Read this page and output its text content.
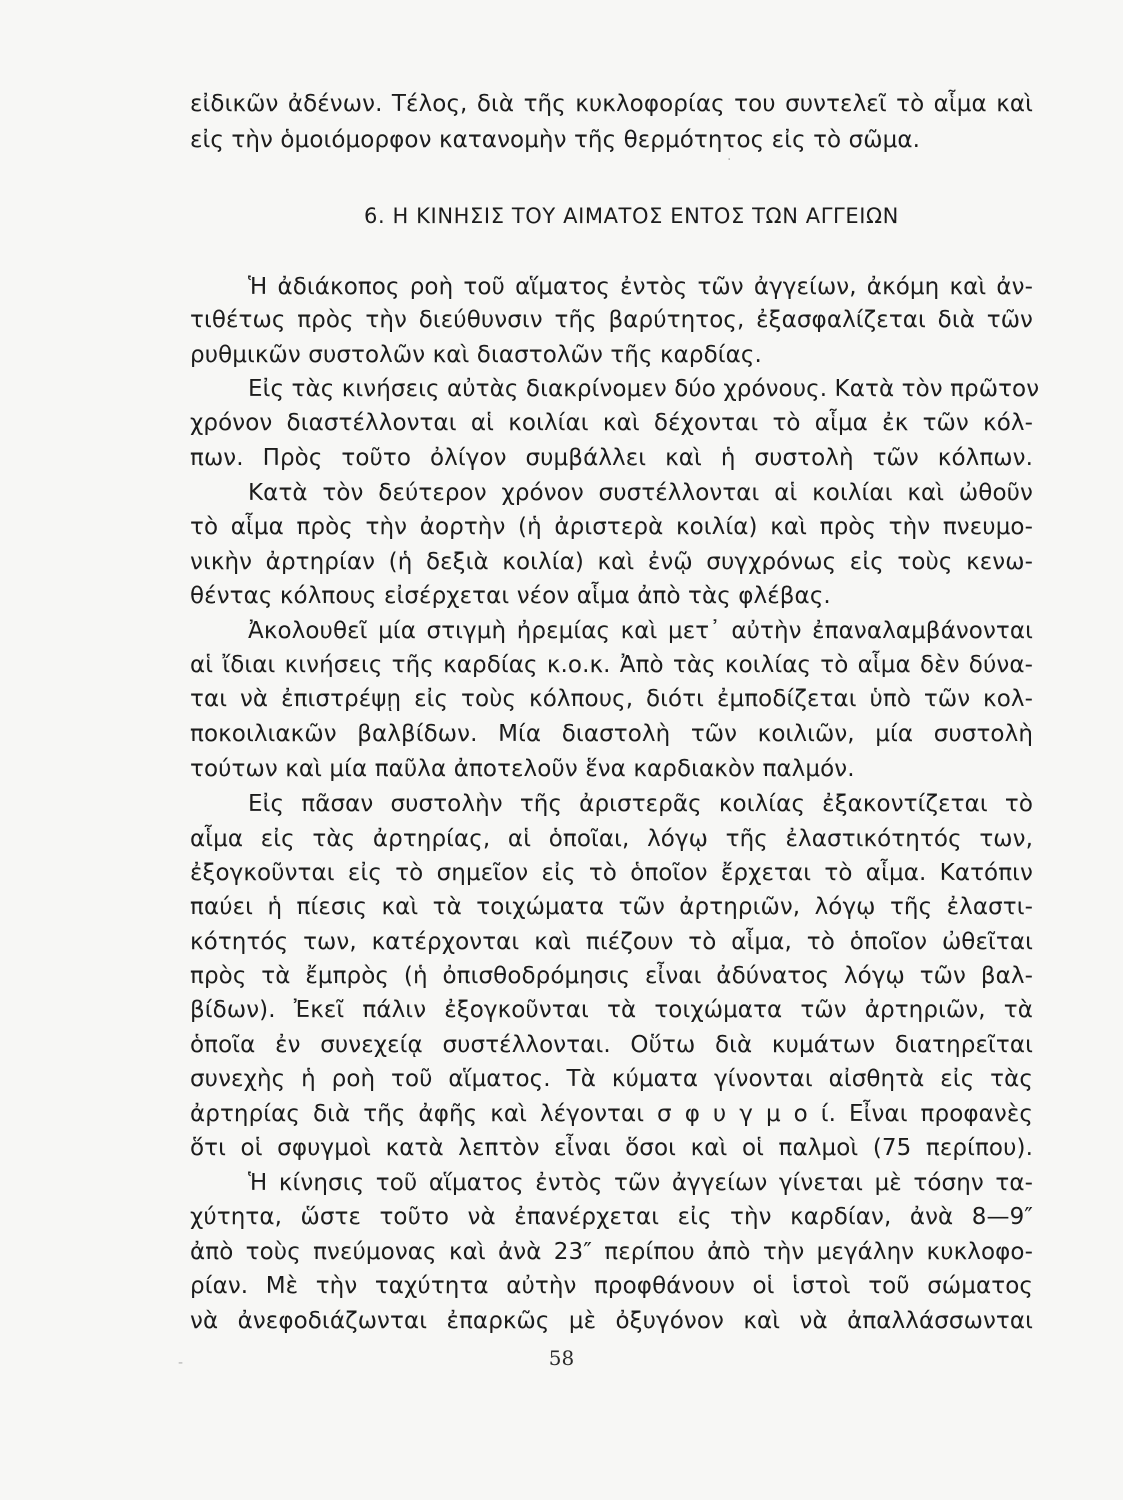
εἰδικῶν ἀδένων. Τέλος, διὰ τῆς κυκλοφορίας του συντελεῖ τὸ αἷμα καὶ
εἰς τὴν ὁμοιόμορφον κατανομὴν τῆς θερμότητος εἰς τὸ σῶμα.
·
6. Η ΚΙΝΗΣΙΣ ΤΟΥ ΑΙΜΑΤΟΣ ΕΝΤΟΣ ΤΩΝ ΑΓΓΕΙΩΝ
Ἡ ἀδιάκοπος ροὴ τοῦ αἵματος ἐντὸς τῶν ἀγγείων, ἀκόμη καὶ ἀν-
τιθέτως πρὸς τὴν διεύθυνσιν τῆς βαρύτητος, ἐξασφαλίζεται διὰ τῶν
ρυθμικῶν συστολῶν καὶ διαστολῶν τῆς καρδίας.
Εἰς τὰς κινήσεις αὐτὰς διακρίνομεν δύο χρόνους. Κατὰ τὸν πρῶτον
χρόνον διαστέλλονται αἱ κοιλίαι καὶ δέχονται τὸ αἷμα ἐκ τῶν κόλ-
πων. Πρὸς τοῦτο ὀλίγον συμβάλλει καὶ ἡ συστολὴ τῶν κόλπων.
Κατὰ τὸν δεύτερον χρόνον συστέλλονται αἱ κοιλίαι καὶ ὠθοῦν
τὸ αἷμα πρὸς τὴν ἀορτὴν (ἡ ἀριστερὰ κοιλία) καὶ πρὸς τὴν πνευμο-
νικὴν ἀρτηρίαν (ἡ δεξιὰ κοιλία) καὶ ἐνῷ συγχρόνως εἰς τοὺς κενω-
θέντας κόλπους εἰσέρχεται νέον αἷμα ἀπὸ τὰς φλέβας.
Ἀκολουθεῖ μία στιγμὴ ἠρεμίας καὶ μετ᾽ αὐτὴν ἐπαναλαμβάνονται
αἱ ἴδιαι κινήσεις τῆς καρδίας κ.ο.κ. Ἀπὸ τὰς κοιλίας τὸ αἷμα δὲν δύνα-
ται νὰ ἐπιστρέψῃ εἰς τοὺς κόλπους, διότι ἐμποδίζεται ὑπὸ τῶν κολ-
ποκοιλιακῶν βαλβίδων. Μία διαστολὴ τῶν κοιλιῶν, μία συστολὴ
τούτων καὶ μία παῦλα ἀποτελοῦν ἕνα καρδιακὸν παλμόν.
Εἰς πᾶσαν συστολὴν τῆς ἀριστερᾶς κοιλίας ἐξακοντίζεται τὸ
αἷμα εἰς τὰς ἀρτηρίας, αἱ ὁποῖαι, λόγῳ τῆς ἐλαστικότητός των,
ἐξογκοῦνται εἰς τὸ σημεῖον εἰς τὸ ὁποῖον ἔρχεται τὸ αἷμα. Κατόπιν
παύει ἡ πίεσις καὶ τὰ τοιχώματα τῶν ἀρτηριῶν, λόγῳ τῆς ἐλαστι-
κότητός των, κατέρχονται καὶ πιέζουν τὸ αἷμα, τὸ ὁποῖον ὠθεῖται
πρὸς τὰ ἔμπρὸς (ἡ ὀπισθοδρόμησις εἶναι ἀδύνατος λόγῳ τῶν βαλ-
βίδων). Ἐκεῖ πάλιν ἐξογκοῦνται τὰ τοιχώματα τῶν ἀρτηριῶν, τὰ
ὁποῖα ἐν συνεχείᾳ συστέλλονται. Οὕτω διὰ κυμάτων διατηρεῖται
συνεχὴς ἡ ροὴ τοῦ αἵματος. Τὰ κύματα γίνονται αἰσθητὰ εἰς τὰς
ἀρτηρίας διὰ τῆς ἀφῆς καὶ λέγονται σ φ υ γ μ ο ί. Εἶναι προφανὲς
ὅτι οἱ σφυγμοὶ κατὰ λεπτὸν εἶναι ὅσοι καὶ οἱ παλμοὶ (75 περίπου).
Ἡ κίνησις τοῦ αἵματος ἐντὸς τῶν ἀγγείων γίνεται μὲ τόσην τα-
χύτητα, ὥστε τοῦτο νὰ ἐπανέρχεται εἰς τὴν καρδίαν, ἀνὰ 8—9″
ἀπὸ τοὺς πνεύμονας καὶ ἀνὰ 23″ περίπου ἀπὸ τὴν μεγάλην κυκλοφο-
ρίαν. Μὲ τὴν ταχύτητα αὐτὴν προφθάνουν οἱ ἱστοὶ τοῦ σώματος
νὰ ἀνεφοδιάζωνται ἐπαρκῶς μὲ ὀξυγόνον καὶ νὰ ἀπαλλάσσωνται
-	58
